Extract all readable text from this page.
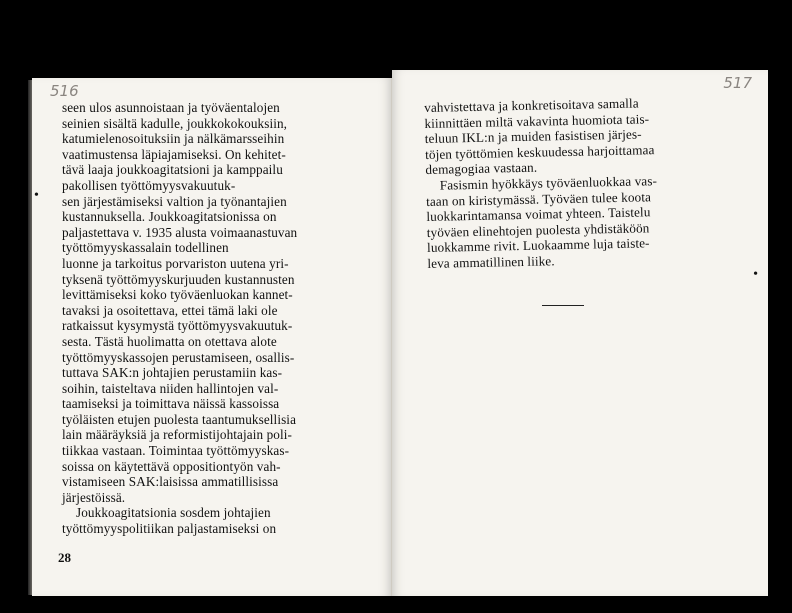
516
•
seen ulos asunnoistaan ja työväentalojen
seinien sisältä kadulle, joukkokokouksiin,
katumielenosoituksiin ja nälkämarsseihin
vaatimustensa läpiajamiseksi. On kehitet-
tävä laaja joukkoagitatsioni ja kamppailu
pakollisen työttömyysvakuutuk-
sen järjestämiseksi valtion ja työnantajien
kustannuksella. Joukkoagitatsionissa on
paljastettava v. 1935 alusta voimaanastuvan
työttömyyskassalain todellinen
luonne ja tarkoitus porvariston uutena yri-
tyksenä työttömyyskurjuuden kustannusten
levittämiseksi koko työväenluokan kannet-
tavaksi ja osoitettava, ettei tämä laki ole
ratkaissut kysymystä työttömyysvakuutuk-
sesta. Tästä huolimatta on otettava alote
työttömyyskassojen perustamiseen, osallis-
tuttava SAK:n johtajien perustamiin kas-
soihin, taisteltava niiden hallintojen val-
taamiseksi ja toimittava näissä kassoissa
työläisten etujen puolesta taantumuksellisia
lain määräyksiä ja reformistijohtajain poli-
tiikkaa vastaan. Toimintaa työttömyyskas-
soissa on käytettävä oppositiontyön vah-
vistamiseen SAK:laisissa ammatillisissa
järjestöissä.
Joukkoagitatsionia sosdem johtajien
työttömyyspolitiikan paljastamiseksi on
28
517
vahvistettava ja konkretisoitava samalla
kiinnittäen miltä vakavinta huomiota tais-
teluun IKL:n ja muiden fasistisen järjes-
töjen työttömien keskuudessa harjoittamaa
demagogiaa vastaan.
Fasismin hyökkäys työväenluokkaa vas-
taan on kiristymässä. Työväen tulee koota
luokkarintamansa voimat yhteen. Taistelu
työväen elinehtojen puolesta yhdistäköön
luokkamme rivit. Luokaamme luja taiste-
leva ammatillinen liike.
•
